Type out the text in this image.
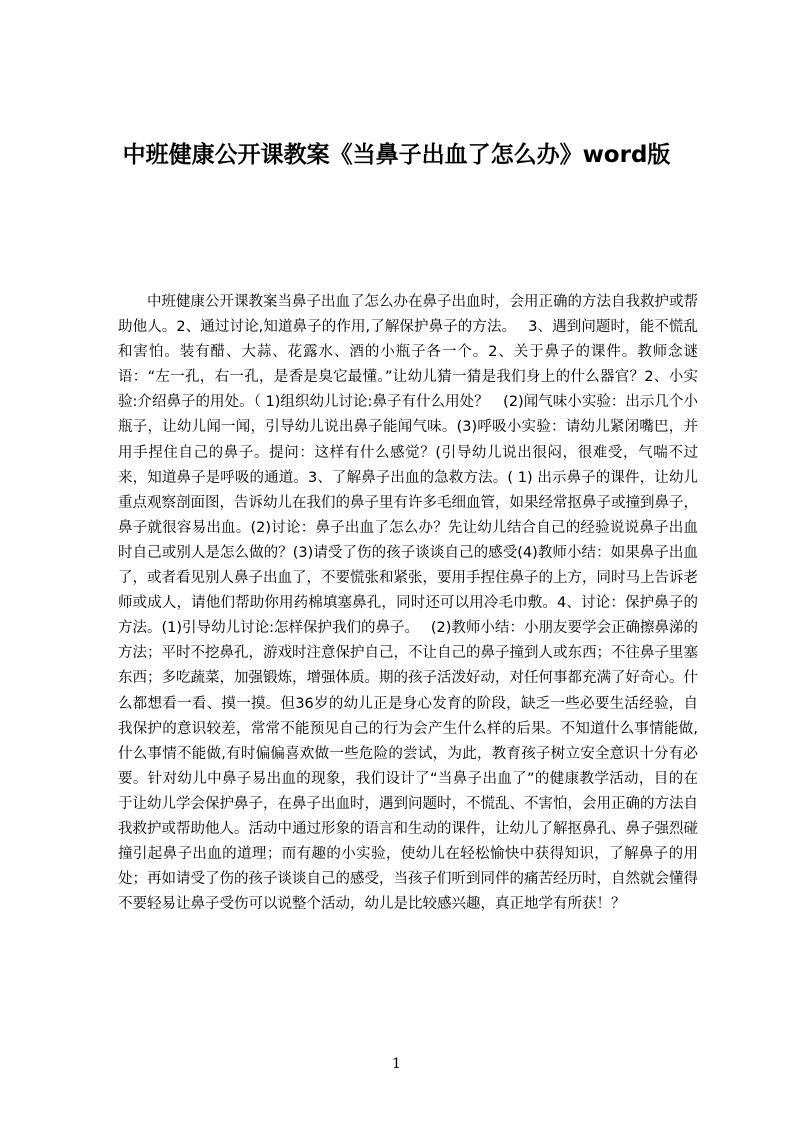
中班健康公开课教案《当鼻子出血了怎么办》word版
中班健康公开课教案当鼻子出血了怎么办在鼻子出血时，会用正确的方法自我救护或帮助他人。2、通过讨论,知道鼻子的作用,了解保护鼻子的方法。　 3、遇到问题时，能不慌乱和害怕。装有醋、大蒜、花露水、酒的小瓶子各一个。2、关于鼻子的课件。教师念谜语：“左一孔，右一孔，是香是臭它最懂。”让幼儿猜一猜是我们身上的什么器官？2、小实验:介绍鼻子的用处。（ 1)组织幼儿讨论:鼻子有什么用处？　(2)闻气味小实验：出示几个小瓶子，让幼儿闻一闻，引导幼儿说出鼻子能闻气味。(3)呼吸小实验：请幼儿紧闭嘴巴，并用手捏住自己的鼻子。提问：这样有什么感觉？(引导幼儿说出很闷，很难受，气喘不过来，知道鼻子是呼吸的通道。3、了解鼻子出血的急救方法。( 1) 出示鼻子的课件，让幼儿重点观察剖面图，告诉幼儿在我们的鼻子里有许多毛细血管，如果经常抠鼻子或撞到鼻子，鼻子就很容易出血。(2)讨论：鼻子出血了怎么办？先让幼儿结合自己的经验说说鼻子出血时自己或别人是怎么做的？(3)请受了伤的孩子谈谈自己的感受(4)教师小结：如果鼻子出血了，或者看见别人鼻子出血了，不要慌张和紧张，要用手捏住鼻子的上方，同时马上告诉老师或成人，请他们帮助你用药棉填塞鼻孔，同时还可以用冷毛巾敷。4、讨论：保护鼻子的方法。(1)引导幼儿讨论:怎样保护我们的鼻子。　 (2)教师小结：小朋友要学会正确擦鼻涕的方法；平时不挖鼻孔，游戏时注意保护自己，不让自己的鼻子撞到人或东西；不往鼻子里塞东西；多吃蔬菜，加强锻炼，增强体质。期的孩子活泼好动，对任何事都充满了好奇心。什么都想看一看、摸一摸。但36岁的幼儿正是身心发育的阶段，缺乏一些必要生活经验，自我保护的意识较差，常常不能预见自己的行为会产生什么样的后果。不知道什么事情能做,什么事情不能做,有时偏偏喜欢做一些危险的尝试，为此，教育孩子树立安全意识十分有必要。针对幼儿中鼻子易出血的现象，我们设计了“当鼻子出血了”的健康教学活动，目的在于让幼儿学会保护鼻子，在鼻子出血时，遇到问题时，不慌乱、不害怕，会用正确的方法自我救护或帮助他人。活动中通过形象的语言和生动的课件，让幼儿了解抠鼻孔、鼻子强烈碰撞引起鼻子出血的道理；而有趣的小实验，使幼儿在轻松愉快中获得知识，了解鼻子的用处；再如请受了伤的孩子谈谈自己的感受，当孩子们听到同伴的痛苦经历时，自然就会懂得不要轻易让鼻子受伤可以说整个活动，幼儿是比较感兴趣，真正地学有所获！？
1
